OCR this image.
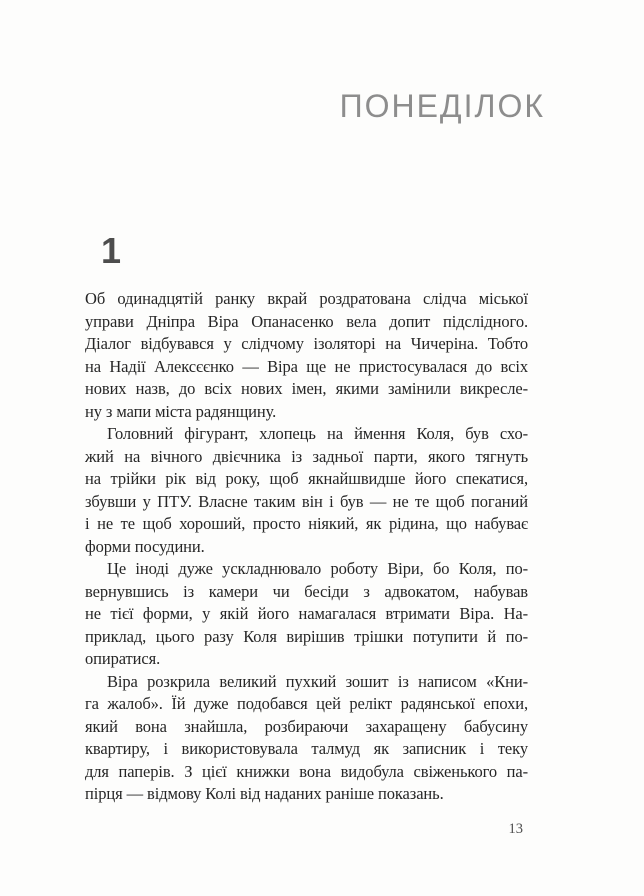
ПОНЕДІЛОК
1
Об одинадцятій ранку вкрай роздратована слідча міської
управи Дніпра Віра Опанасенко вела допит підслідного.
Діалог відбувався у слідчому ізоляторі на Чичеріна. Тобто
на Надії Алексєєнко — Віра ще не пристосувалася до всіх
нових назв, до всіх нових імен, якими замінили викресле-
ну з мапи міста радянщину.
Головний фігурант, хлопець на ймення Коля, був схо-
жий на вічного двієчника із задньої парти, якого тягнуть
на трійки рік від року, щоб якнайшвидше його спекатися,
збувши у ПТУ. Власне таким він і був — не те щоб поганий
і не те щоб хороший, просто ніякий, як рідина, що набуває
форми посудини.
Це іноді дуже ускладнювало роботу Віри, бо Коля, по-
вернувшись із камери чи бесіди з адвокатом, набував
не тієї форми, у якій його намагалася втримати Віра. На-
приклад, цього разу Коля вирішив трішки потупити й по-
опиратися.
Віра розкрила великий пухкий зошит із написом «Кни-
га жалоб». Їй дуже подобався цей релікт радянської епохи,
який вона знайшла, розбираючи захаращену бабусину
квартиру, і використовувала талмуд як записник і теку
для паперів. З цієї книжки вона видобула свіженького па-
пірця — відмову Колі від наданих раніше показань.
13
